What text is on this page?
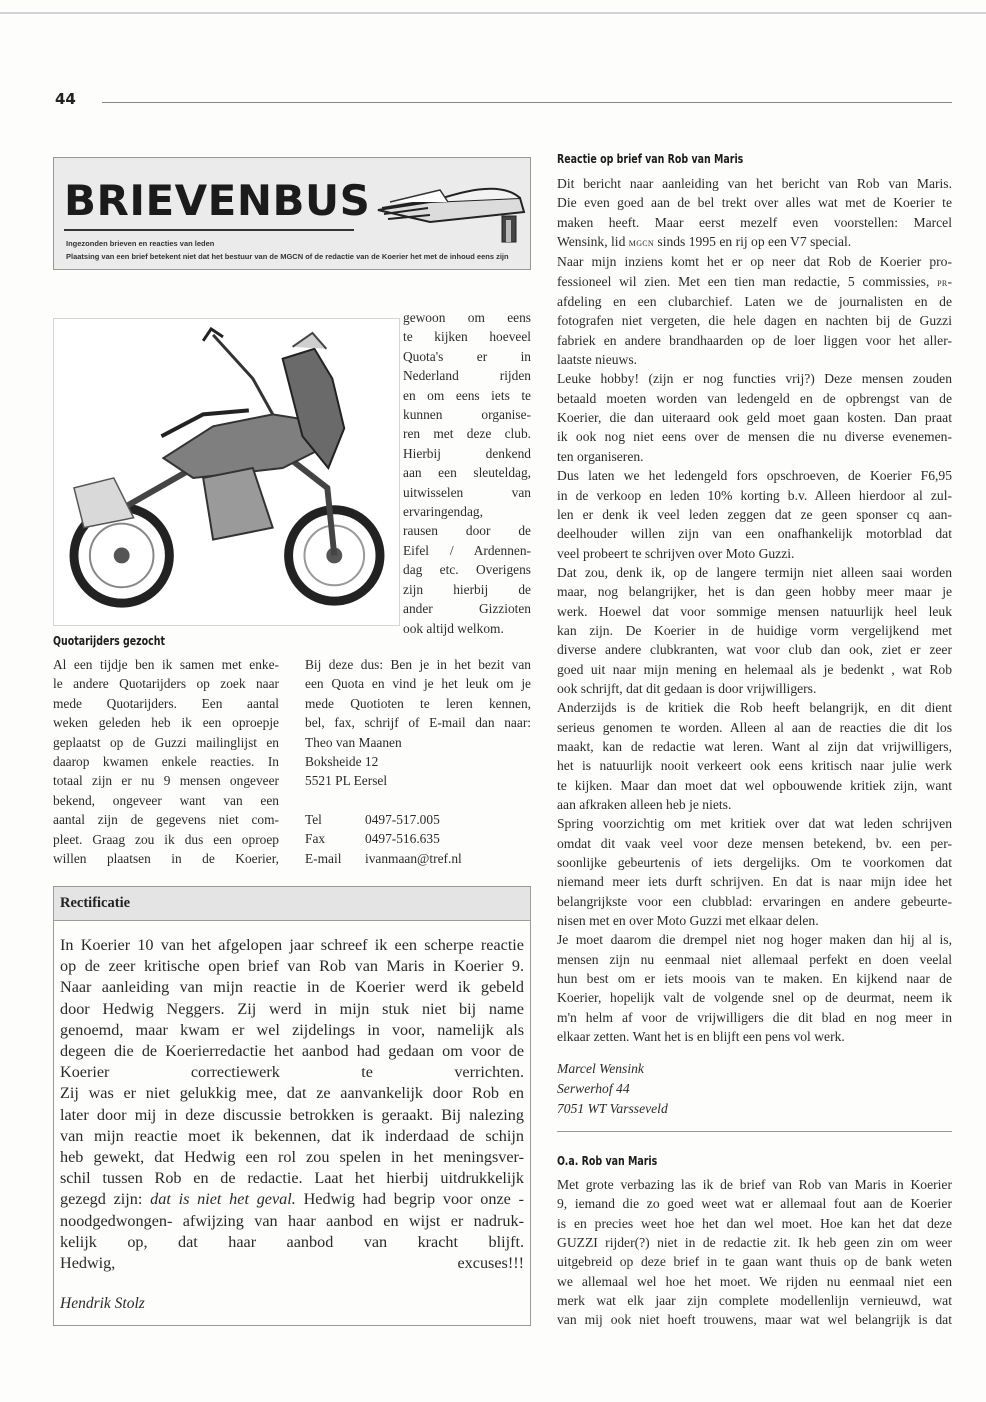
44
BRIEVENBUS
Ingezonden brieven en reacties van leden
Plaatsing van een brief betekent niet dat het bestuur van de MGCN of de redactie van de Koerier het met de inhoud eens zijn
gewoon om eens
te kijken hoeveel
Quota's er in
Nederland rijden
en om eens iets te
kunnen organise-
ren met deze club.
Hierbij denkend
aan een sleuteldag,
uitwisselen van
ervaringendag,
rausen door de
Eifel / Ardennen-
dag etc. Overigens
zijn hierbij de
ander Gizzioten
ook altijd welkom.
Quotarijders gezocht
Al een tijdje ben ik samen met enke-
le andere Quotarijders op zoek naar
mede Quotarijders. Een aantal
weken geleden heb ik een oproepje
geplaatst op de Guzzi mailinglijst en
daarop kwamen enkele reacties. In
totaal zijn er nu 9 mensen ongeveer
bekend, ongeveer want van een
aantal zijn de gegevens niet com-
pleet. Graag zou ik dus een oproep
willen plaatsen in de Koerier,
Bij deze dus: Ben je in het bezit van
een Quota en vind je het leuk om je
mede Quotioten te leren kennen,
bel, fax, schrijf of E-mail dan naar:
Theo van Maanen
Boksheide 12
5521 PL Eersel
Tel	0497-517.005
Fax	0497-516.635
E-mail	ivanmaan@tref.nl
Rectificatie
In Koerier 10 van het afgelopen jaar schreef ik een scherpe reactie
op de zeer kritische open brief van Rob van Maris in Koerier 9.
Naar aanleiding van mijn reactie in de Koerier werd ik gebeld
door Hedwig Neggers. Zij werd in mijn stuk niet bij name
genoemd, maar kwam er wel zijdelings in voor, namelijk als
degeen die de Koerierredactie het aanbod had gedaan om voor de
Koerier correctiewerk te verrichten.
Zij was er niet gelukkig mee, dat ze aanvankelijk door Rob en
later door mij in deze discussie betrokken is geraakt. Bij nalezing
van mijn reactie moet ik bekennen, dat ik inderdaad de schijn
heb gewekt, dat Hedwig een rol zou spelen in het meningsver-
schil tussen Rob en de redactie. Laat het hierbij uitdrukkelijk
gezegd zijn: dat is niet het geval. Hedwig had begrip voor onze -
noodgedwongen- afwijzing van haar aanbod en wijst er nadruk-
kelijk op, dat haar aanbod van kracht blijft.
Hedwig, excuses!!!
Hendrik Stolz
Reactie op brief van Rob van Maris
Dit bericht naar aanleiding van het bericht van Rob van Maris.
Die even goed aan de bel trekt over alles wat met de Koerier te
maken heeft. Maar eerst mezelf even voorstellen: Marcel
Wensink, lid mgcn sinds 1995 en rij op een V7 special.
Naar mijn inziens komt het er op neer dat Rob de Koerier pro-
fessioneel wil zien. Met een tien man redactie, 5 commissies, pr-
afdeling en een clubarchief. Laten we de journalisten en de
fotografen niet vergeten, die hele dagen en nachten bij de Guzzi
fabriek en andere brandhaarden op de loer liggen voor het aller-
laatste nieuws.
Leuke hobby! (zijn er nog functies vrij?) Deze mensen zouden
betaald moeten worden van ledengeld en de opbrengst van de
Koerier, die dan uiteraard ook geld moet gaan kosten. Dan praat
ik ook nog niet eens over de mensen die nu diverse evenemen-
ten organiseren.
Dus laten we het ledengeld fors opschroeven, de Koerier F6,95
in de verkoop en leden 10% korting b.v. Alleen hierdoor al zul-
len er denk ik veel leden zeggen dat ze geen sponser cq aan-
deelhouder willen zijn van een onafhankelijk motorblad dat
veel probeert te schrijven over Moto Guzzi.
Dat zou, denk ik, op de langere termijn niet alleen saai worden
maar, nog belangrijker, het is dan geen hobby meer maar je
werk. Hoewel dat voor sommige mensen natuurlijk heel leuk
kan zijn. De Koerier in de huidige vorm vergelijkend met
diverse andere clubkranten, wat voor club dan ook, ziet er zeer
goed uit naar mijn mening en helemaal als je bedenkt , wat Rob
ook schrijft, dat dit gedaan is door vrijwilligers.
Anderzijds is de kritiek die Rob heeft belangrijk, en dit dient
serieus genomen te worden. Alleen al aan de reacties die dit los
maakt, kan de redactie wat leren. Want al zijn dat vrijwilligers,
het is natuurlijk nooit verkeert ook eens kritisch naar julie werk
te kijken. Maar dan moet dat wel opbouwende kritiek zijn, want
aan afkraken alleen heb je niets.
Spring voorzichtig om met kritiek over dat wat leden schrijven
omdat dit vaak veel voor deze mensen betekend, bv. een per-
soonlijke gebeurtenis of iets dergelijks. Om te voorkomen dat
niemand meer iets durft schrijven. En dat is naar mijn idee het
belangrijkste voor een clubblad: ervaringen en andere gebeurte-
nisen met en over Moto Guzzi met elkaar delen.
Je moet daarom die drempel niet nog hoger maken dan hij al is,
mensen zijn nu eenmaal niet allemaal perfekt en doen veelal
hun best om er iets moois van te maken. En kijkend naar de
Koerier, hopelijk valt de volgende snel op de deurmat, neem ik
m'n helm af voor de vrijwilligers die dit blad en nog meer in
elkaar zetten. Want het is en blijft een pens vol werk.
Marcel Wensink
Serwerhof 44
7051 WT Varsseveld
O.a. Rob van Maris
Met grote verbazing las ik de brief van Rob van Maris in Koerier
9, iemand die zo goed weet wat er allemaal fout aan de Koerier
is en precies weet hoe het dan wel moet. Hoe kan het dat deze
GUZZI rijder(?) niet in de redactie zit. Ik heb geen zin om weer
uitgebreid op deze brief in te gaan want thuis op de bank weten
we allemaal wel hoe het moet. We rijden nu eenmaal niet een
merk wat elk jaar zijn complete modellenlijn vernieuwd, wat
van mij ook niet hoeft trouwens, maar wat wel belangrijk is dat
